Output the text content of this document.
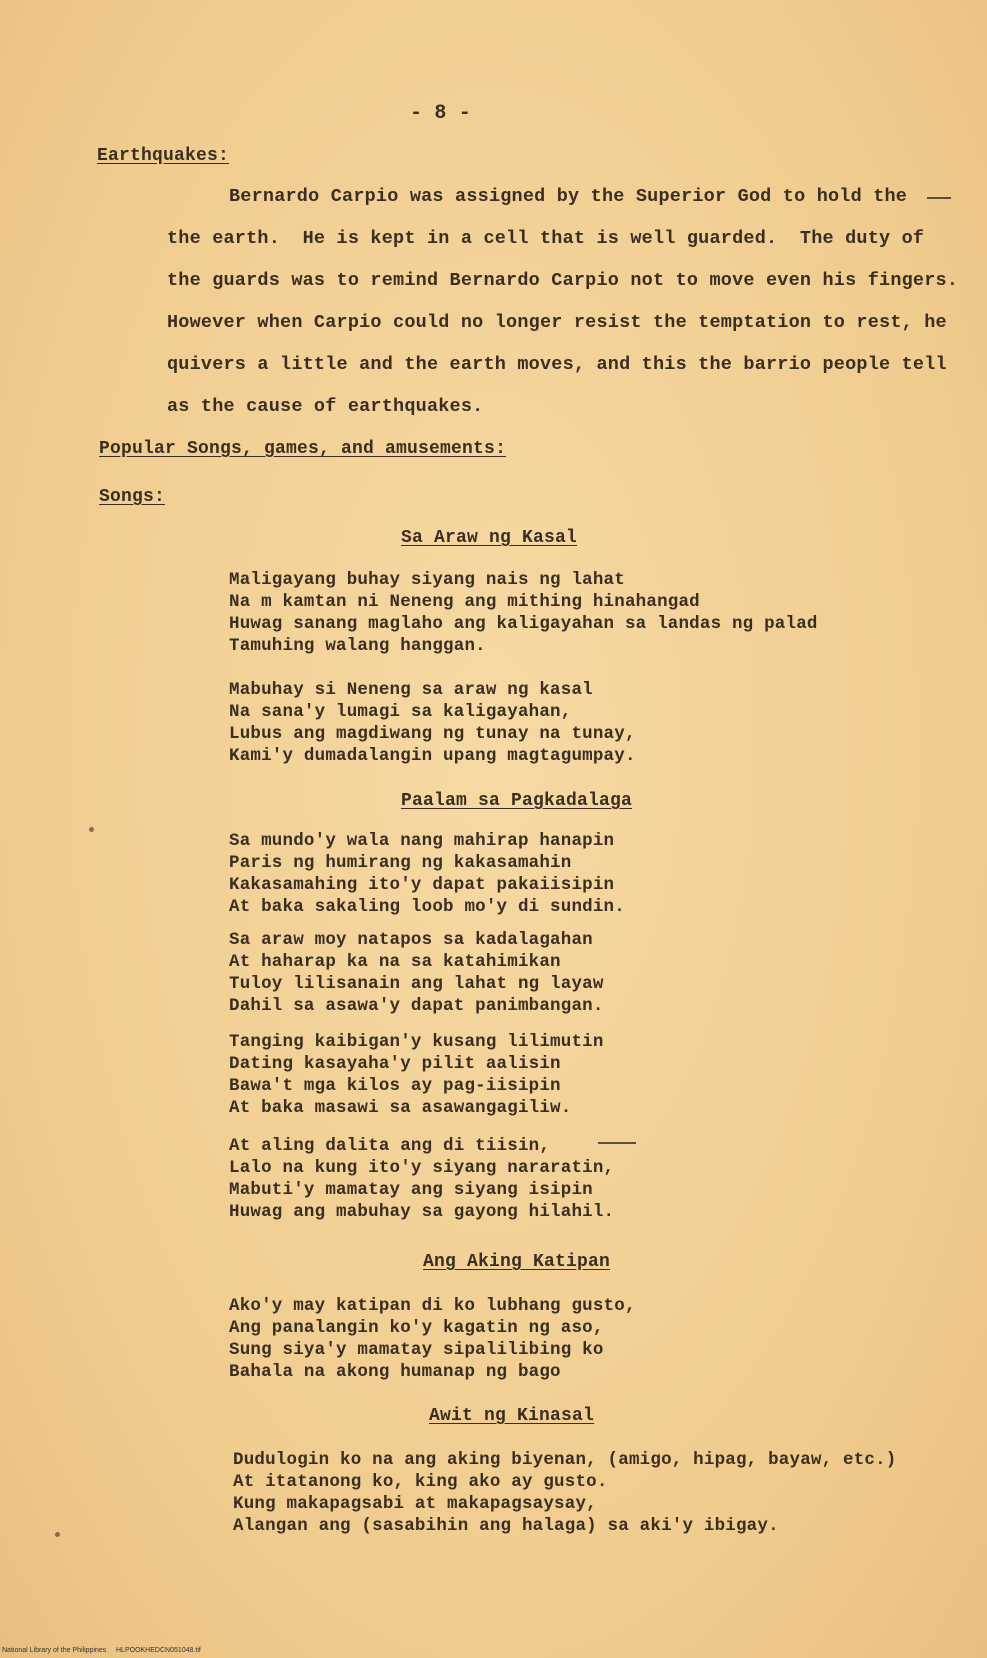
- 8 -
Earthquakes:
Bernardo Carpio was assigned by the Superior God to hold the
the earth.  He is kept in a cell that is well guarded.  The duty of
the guards was to remind Bernardo Carpio not to move even his fingers.
However when Carpio could no longer resist the temptation to rest, he
quivers a little and the earth moves, and this the barrio people tell
as the cause of earthquakes.
Popular Songs, games, and amusements:
Songs:
Sa Araw ng Kasal
Maligayang buhay siyang nais ng lahat
Na m kamtan ni Neneng ang mithing hinahangad
Huwag sanang maglaho ang kaligayahan sa landas ng palad
Tamuhing walang hanggan.
Mabuhay si Neneng sa araw ng kasal
Na sana'y lumagi sa kaligayahan,
Lubus ang magdiwang ng tunay na tunay,
Kami'y dumadalangin upang magtagumpay.
Paalam sa Pagkadalaga
Sa mundo'y wala nang mahirap hanapin
Paris ng humirang ng kakasamahin
Kakasamahing ito'y dapat pakaiisipin
At baka sakaling loob mo'y di sundin.
Sa araw moy natapos sa kadalagahan
At haharap ka na sa katahimikan
Tuloy lilisanain ang lahat ng layaw
Dahil sa asawa'y dapat panimbangan.
Tanging kaibigan'y kusang lilimutin
Dating kasayaha'y pilit aalisin
Bawa't mga kilos ay pag-iisipin
At baka masawi sa asawangagiliw.
At aling dalita ang di tiisin,
Lalo na kung ito'y siyang nararatin,
Mabuti'y mamatay ang siyang isipin
Huwag ang mabuhay sa gayong hilahil.
Ang Aking Katipan
Ako'y may katipan di ko lubhang gusto,
Ang panalangin ko'y kagatin ng aso,
Sung siya'y mamatay sipalilibing ko
Bahala na akong humanap ng bago
Awit ng Kinasal
Dudulogin ko na ang aking biyenan, (amigo, hipag, bayaw, etc.)
At itatanong ko, king ako ay gusto.
Kung makapagsabi at makapagsaysay,
Alangan ang (sasabihin ang halaga) sa aki'y ibigay.
National Library of the Philippines     HLPOOKHEDCN051048.tif
